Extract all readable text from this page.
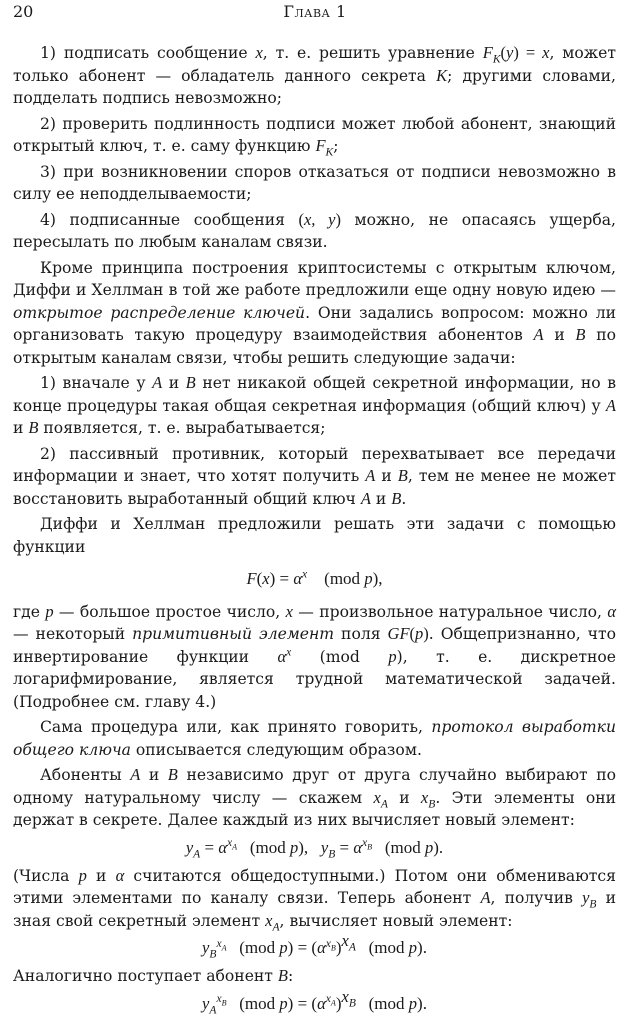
20	Глава 1

1) подписать сообщение x, т. е. решить уравнение $F_K(y) = x$, может только абонент — обладатель данного секрета K; другими словами, подделать подпись невозможно;

2) проверить подлинность подписи может любой абонент, знающий открытый ключ, т. е. саму функцию $F_K$;

3) при возникновении споров отказаться от подписи невозможно в силу ее неподделываемости;

4) подписанные сообщения (x, y) можно, не опасаясь ущерба, пересылать по любым каналам связи.

Кроме принципа построения криптосистемы с открытым ключом, Диффи и Хеллман в той же работе предложили еще одну новую идею — открытое распределение ключей. Они задались вопросом: можно ли организовать такую процедуру взаимодействия абонентов A и B по открытым каналам связи, чтобы решить следующие задачи:

1) вначале у A и B нет никакой общей секретной информации, но в конце процедуры такая общая секретная информация (общий ключ) у A и B появляется, т. е. вырабатывается;

2) пассивный противник, который перехватывает все передачи информации и знает, что хотят получить A и B, тем не менее не может восстановить выработанный общий ключ A и B.

Диффи и Хеллман предложили решать эти задачи с помощью функции

$F(x) = \alpha^x$    (mod p),

где p — большое простое число, x — произвольное натуральное число, α — некоторый примитивный элемент поля GF(p). Общепризнанно, что инвертирование функции $\alpha^x$ (mod p), т. е. дискретное логарифмирование, является трудной математической задачей. (Подробнее см. главу 4.)

Сама процедура или, как принято говорить, протокол выработки общего ключа описывается следующим образом.

Абоненты A и B независимо друг от друга случайно выбирают по одному натуральному числу — скажем $x_A$ и $x_B$. Эти элементы они держат в секрете. Далее каждый из них вычисляет новый элемент:

$y_A = \alpha^{x_A}$   (mod p),   $y_B = \alpha^{x_B}$   (mod p).

(Числа p и α считаются общедоступными.) Потом они обмениваются этими элементами по каналу связи. Теперь абонент A, получив $y_B$ и зная свой секретный элемент $x_A$, вычисляет новый элемент:

$y_B^{x_A}$   (mod $p) = (\alpha^{x_B})^{x_A}$   (mod p).

Аналогично поступает абонент B:

$y_A^{x_B}$   (mod $p) = (\alpha^{x_A})^{x_B}$   (mod p).
